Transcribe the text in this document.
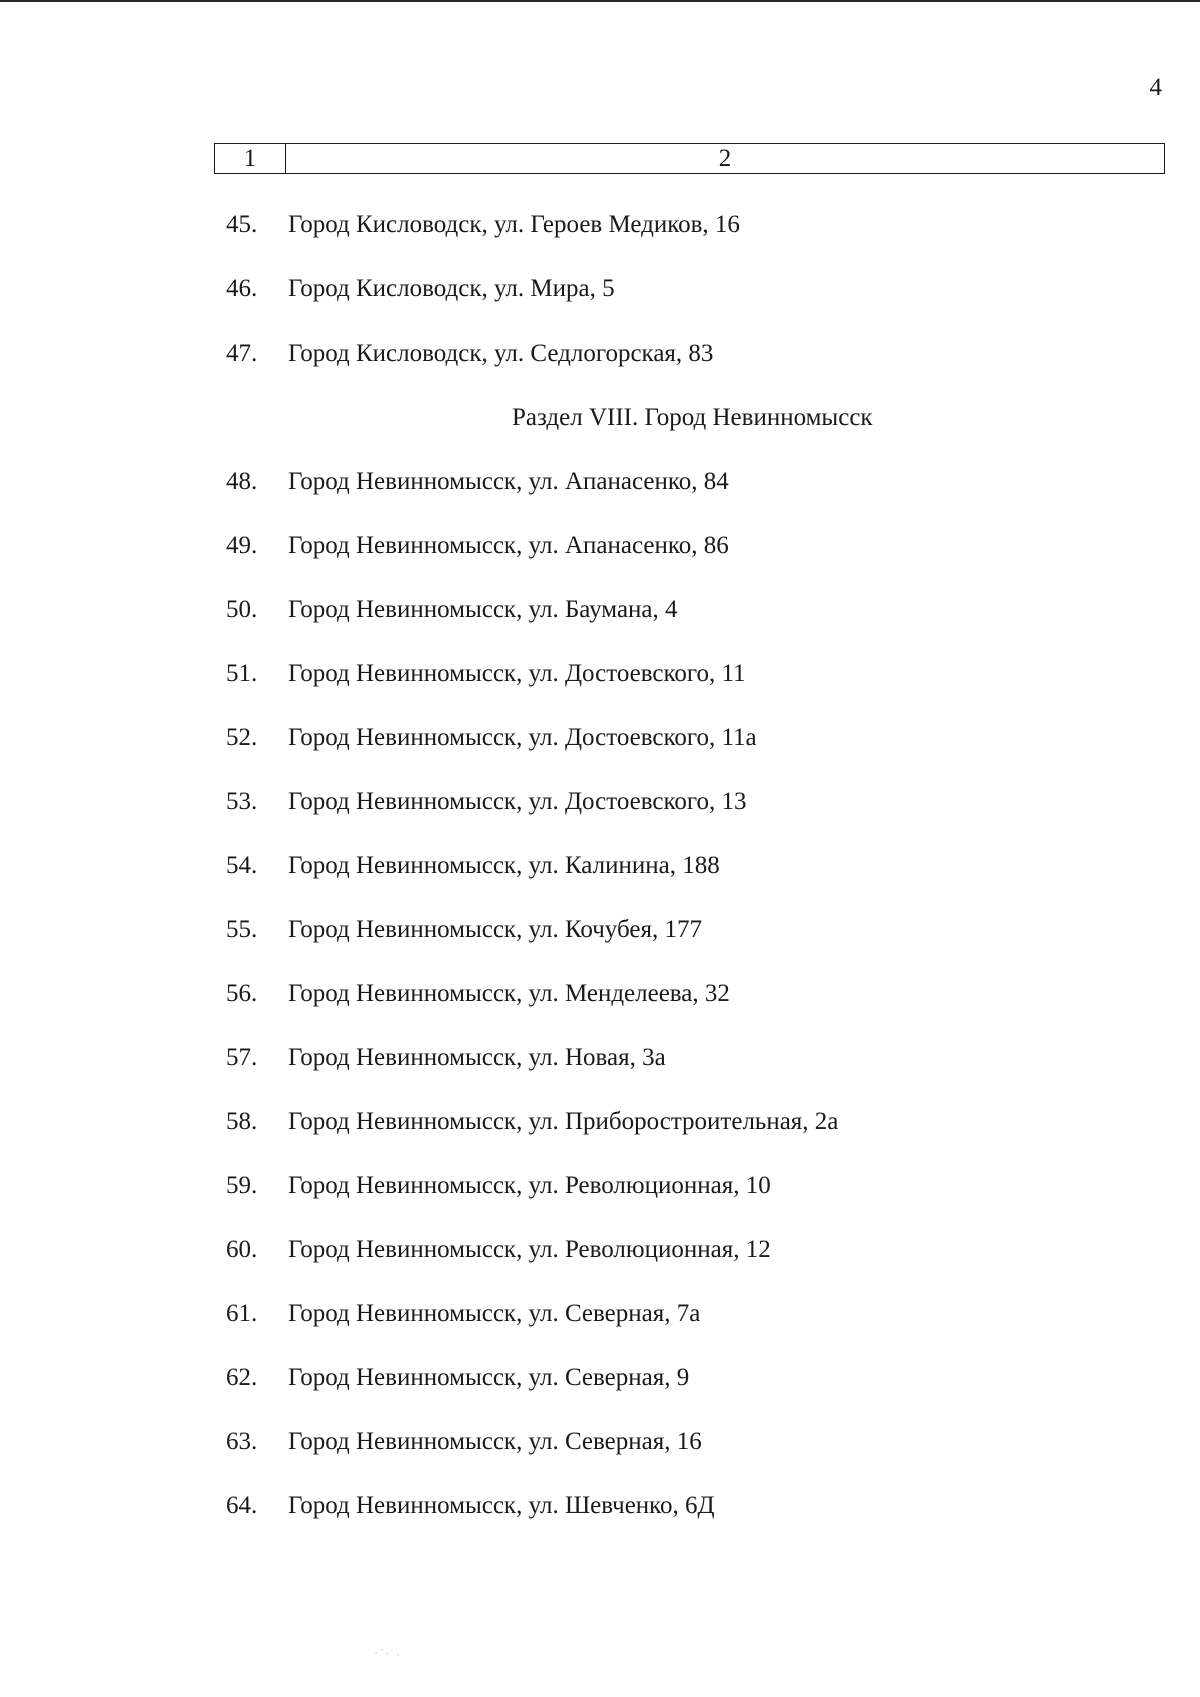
4
1	2
45. Город Кисловодск, ул. Героев Медиков, 16
46. Город Кисловодск, ул. Мира, 5
47. Город Кисловодск, ул. Седлогорская, 83
Раздел VIII. Город Невинномысск
48. Город Невинномысск, ул. Апанасенко, 84
49. Город Невинномысск, ул. Апанасенко, 86
50. Город Невинномысск, ул. Баумана, 4
51. Город Невинномысск, ул. Достоевского, 11
52. Город Невинномысск, ул. Достоевского, 11а
53. Город Невинномысск, ул. Достоевского, 13
54. Город Невинномысск, ул. Калинина, 188
55. Город Невинномысск, ул. Кочубея, 177
56. Город Невинномысск, ул. Менделеева, 32
57. Город Невинномысск, ул. Новая, 3а
58. Город Невинномысск, ул. Приборостроительная, 2а
59. Город Невинномысск, ул. Революционная, 10
60. Город Невинномысск, ул. Революционная, 12
61. Город Невинномысск, ул. Северная, 7а
62. Город Невинномысск, ул. Северная, 9
63. Город Невинномысск, ул. Северная, 16
64. Город Невинномысск, ул. Шевченко, 6Д
